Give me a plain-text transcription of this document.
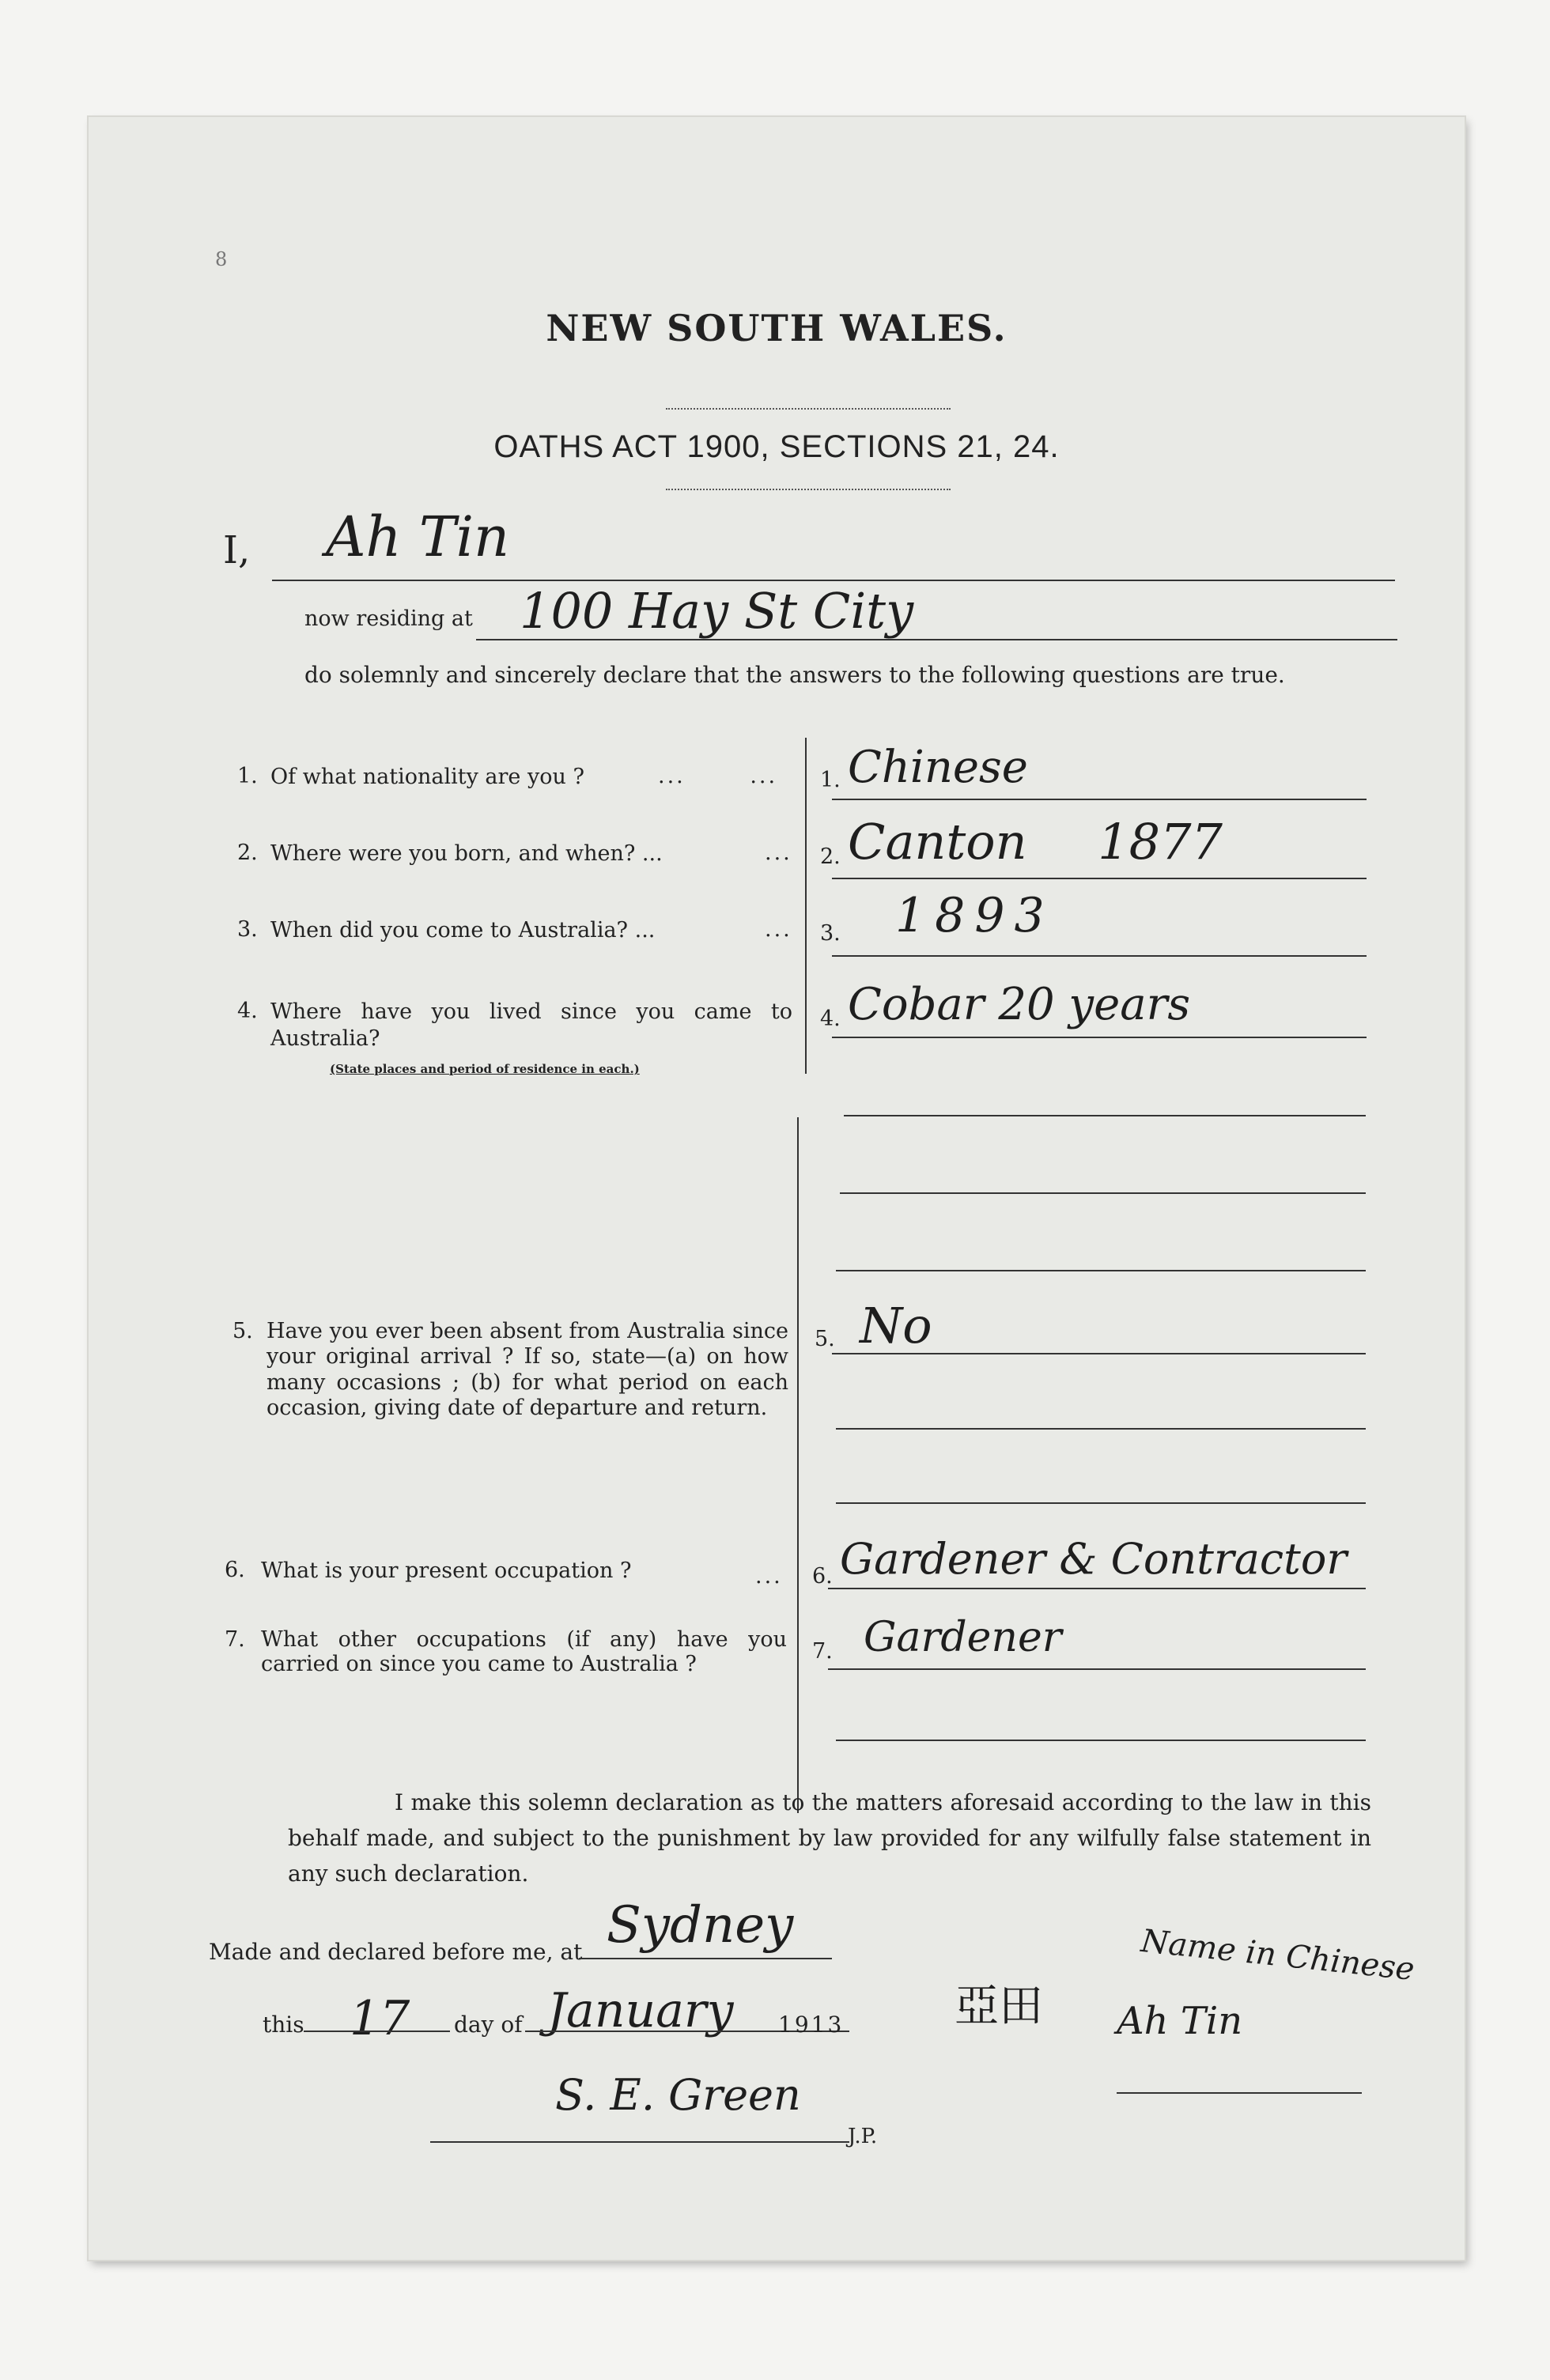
8
NEW SOUTH WALES.
OATHS ACT 1900, SECTIONS 21, 24.
I, Ah Tin
now residing at 100 Hay St City
do solemnly and sincerely declare that the answers to the following questions are true.
1. Of what nationality are you ?	... ... 1. Chinese
2. Where were you born, and when? ...	... 2. Canton 1877
3. When did you come to Australia? ...	... 3. 1893
4. Where have you lived since you came to Australia?
(State places and period of residence in each.)
4. Cobar 20 years
5. Have you ever been absent from Australia since your original arrival ? If so, state—(a) on how many occasions ; (b) for what period on each occasion, giving date of departure and return.
5. No
6. What is your present occupation ?	... 6. Gardener & Contractor
7. What other occupations (if any) have you carried on since you came to Australia ?
7. Gardener
I make this solemn declaration as to the matters aforesaid according to the law in this behalf made, and subject to the punishment by law provided for any wilfully false statement in any such declaration.
Made and declared before me, at Sydney
this 17 day of January 1913 亞田
Name in Chinese
Ah Tin
S. E. Green
J.P.
